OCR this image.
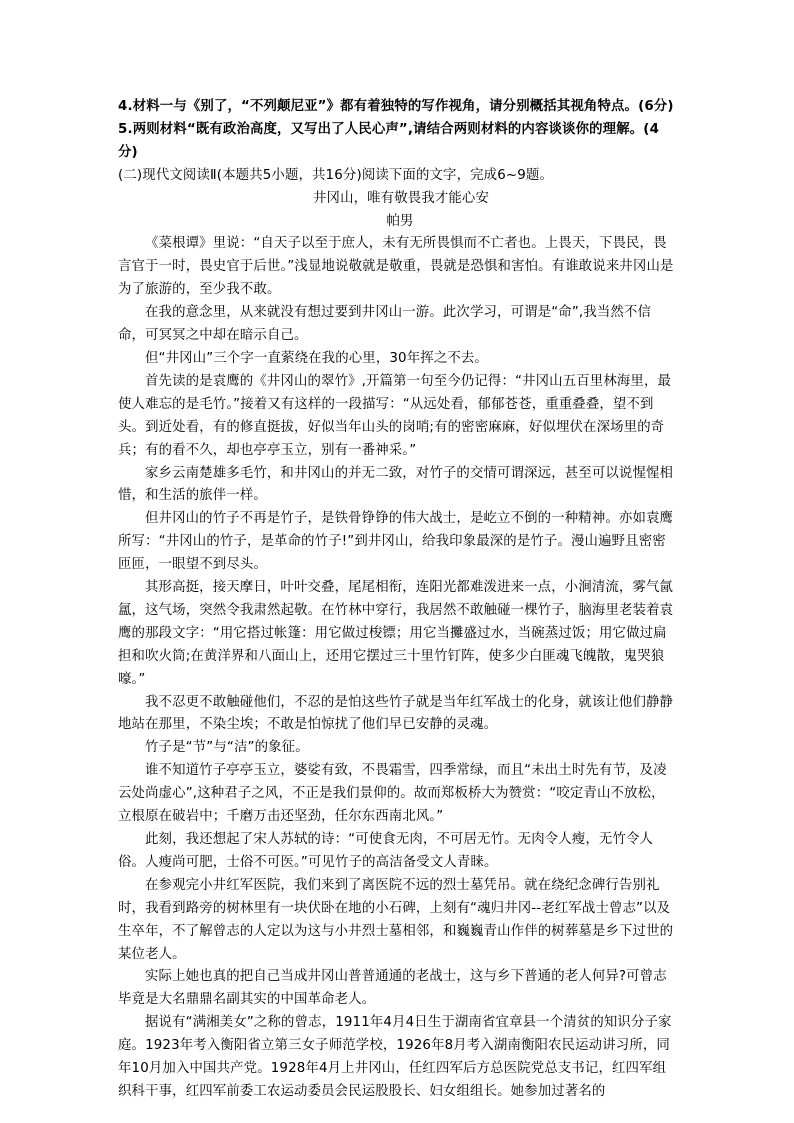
4.材料一与《别了，“不列颠尼亚”》都有着独特的写作视角，请分别概括其视角特点。(6分)

5.两则材料“既有政治高度，又写出了人民心声”,请结合两则材料的内容谈谈你的理解。(4分)

(二)现代文阅读Ⅱ(本题共5小题，共16分)阅读下面的文字，完成6~9题。

井冈山，唯有敬畏我才能心安

帕男

《菜根谭》里说：“自天子以至于庶人，未有无所畏惧而不亡者也。上畏天，下畏民，畏言官于一时，畏史官于后世。”浅显地说敬就是敬重，畏就是恐惧和害怕。有谁敢说来井冈山是为了旅游的，至少我不敢。

在我的意念里，从来就没有想过要到井冈山一游。此次学习，可谓是“命”,我当然不信命，可冥冥之中却在暗示自己。

但“井冈山”三个字一直萦绕在我的心里，30年挥之不去。

首先读的是袁鹰的《井冈山的翠竹》,开篇第一句至今仍记得：“井冈山五百里林海里，最使人难忘的是毛竹。”接着又有这样的一段描写：“从远处看，郁郁苍苍，重重叠叠，望不到头。到近处看，有的修直挺拔，好似当年山头的岗哨;有的密密麻麻，好似埋伏在深场里的奇兵；有的看不久，却也亭亭玉立，别有一番神采。”

家乡云南楚雄多毛竹，和井冈山的并无二致，对竹子的交情可谓深远，甚至可以说惺惺相惜，和生活的旅伴一样。

但井冈山的竹子不再是竹子，是铁骨铮铮的伟大战士，是屹立不倒的一种精神。亦如袁鹰所写：“井冈山的竹子，是革命的竹子!”到井冈山，给我印象最深的是竹子。漫山遍野且密密匝匝，一眼望不到尽头。

其形高挺，接天摩日，叶叶交叠，尾尾相衔，连阳光都难泼进来一点，小涧清流，雾气氤氲，这气场，突然令我肃然起敬。在竹林中穿行，我居然不敢触碰一棵竹子，脑海里老装着袁鹰的那段文字：“用它搭过帐篷：用它做过梭镖；用它当攤盛过水，当碗蒸过饭；用它做过扁担和吹火筒;在黄洋界和八面山上，还用它摆过三十里竹钉阵，使多少白匪魂飞魄散，鬼哭狼嚎。”

我不忍更不敢触碰他们，不忍的是怕这些竹子就是当年红军战士的化身，就该让他们静静地站在那里，不染尘埃；不敢是怕惊扰了他们早已安静的灵魂。

竹子是“节”与“洁”的象征。

谁不知道竹子亭亭玉立，婆娑有致，不畏霜雪，四季常绿，而且“未出土时先有节，及凌云处尚虚心”,这种君子之风，不正是我们景仰的。故而郑板桥大为赞赏：“咬定青山不放松，立根原在破岩中；千磨万击还坚劲，任尔东西南北风。”

此刻，我还想起了宋人苏轼的诗：“可使食无肉，不可居无竹。无肉令人瘦，无竹令人俗。人瘦尚可肥，士俗不可医。”可见竹子的高洁备受文人青睐。

在参观完小井红军医院，我们来到了离医院不远的烈士墓凭吊。就在绕纪念碑行告别礼时，我看到路旁的树林里有一块伏卧在地的小石碑，上刻有“魂归井冈--老红军战士曾志”以及生卒年，不了解曾志的人定以为这与小井烈士墓相邻，和巍巍青山作伴的树葬墓是乡下过世的某位老人。

实际上她也真的把自己当成井冈山普普通通的老战士，这与乡下普通的老人何异?可曾志毕竟是大名鼎鼎名副其实的中国革命老人。

据说有“满湘美女”之称的曾志，1911年4月4日生于湖南省宜章县一个清贫的知识分子家庭。1923年考入衡阳省立第三女子师范学校，1926年8月考入湖南衡阳农民运动讲习所，同年10月加入中国共产党。1928年4月上井冈山，任红四军后方总医院党总支书记，红四军组织科干事，红四军前委工农运动委员会民运股股长、妇女组组长。她参加过著名的
